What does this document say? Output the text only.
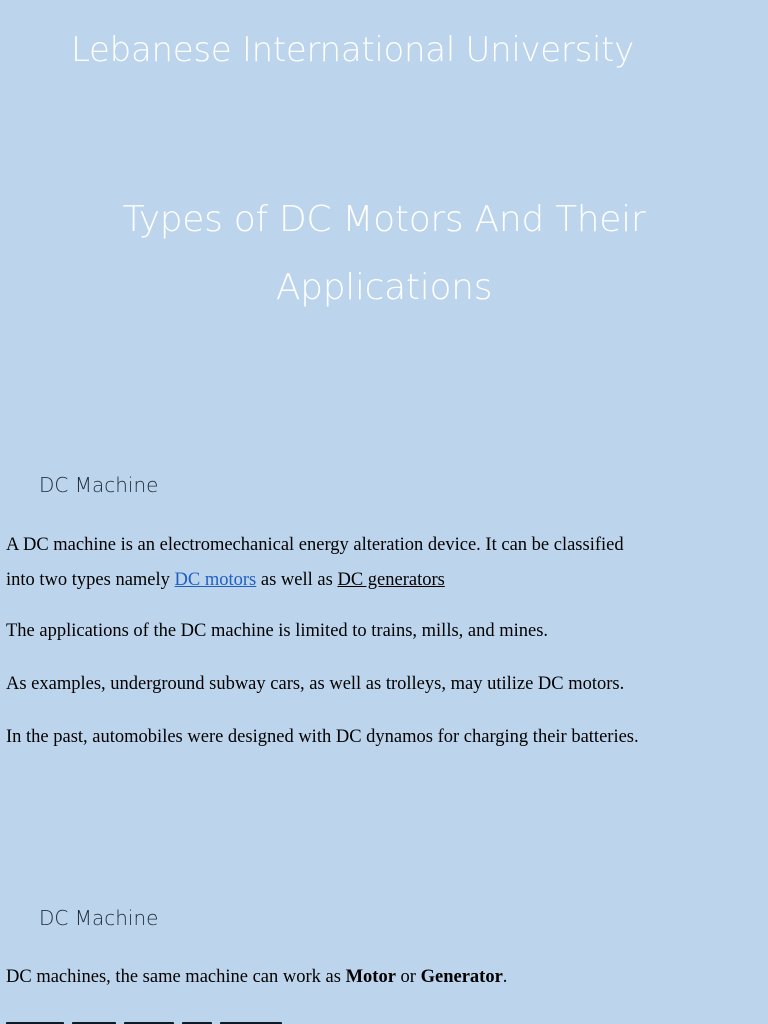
Lebanese International University
Types of DC Motors And Their
Applications
DC Machine

A DC machine is an electromechanical energy alteration device. It can be classified

into two types namely DC motors as well as DC generators

The applications of the DC machine is limited to trains, mills, and mines.

As examples, underground subway cars, as well as trolleys, may utilize DC motors.

In the past, automobiles were designed with DC dynamos for charging their batteries.

DC Machine

DC machines, the same machine can work as Motor or Generator.
